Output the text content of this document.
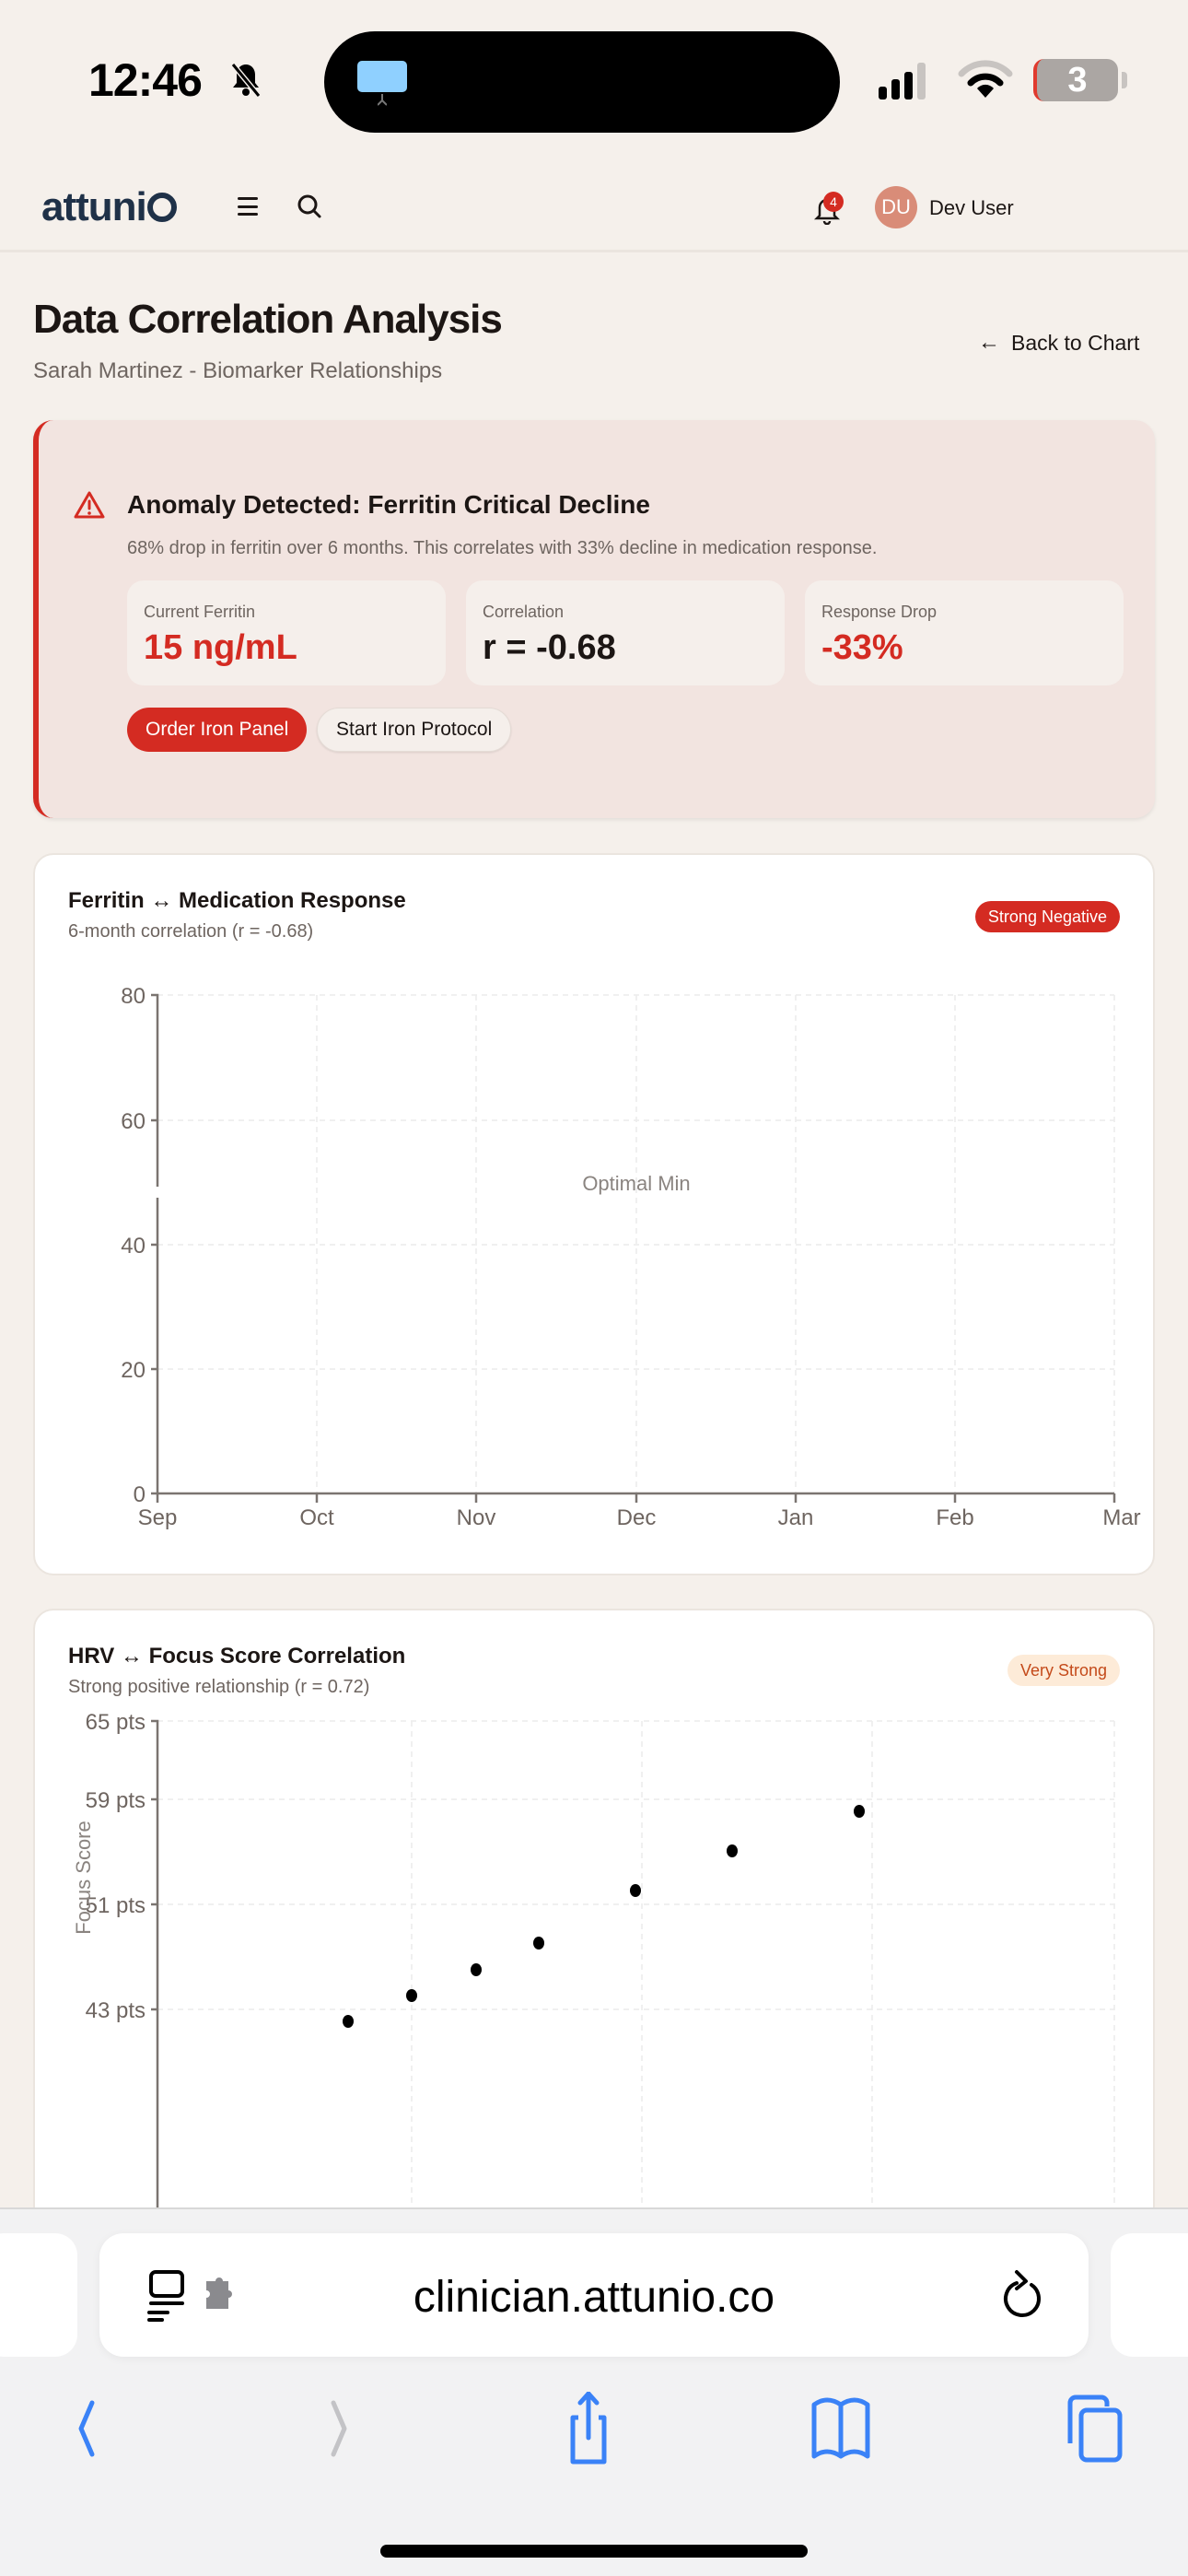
12:46	3
attuni	4	DU Dev User
Data Correlation Analysis
Sarah Martinez - Biomarker Relationships
← Back to Chart
Anomaly Detected: Ferritin Critical Decline
68% drop in ferritin over 6 months. This correlates with 33% decline in medication response.
Current Ferritin
15 ng/mL
Correlation
r = -0.68
Response Drop
-33%
Order Iron Panel	Start Iron Protocol
Ferritin ↔ Medication Response
6-month correlation (r = -0.68)
Strong Negative
80
60
40
20
0
Sep	Oct	Nov	Dec	Jan	Feb	Mar
Optimal Min
HRV ↔ Focus Score Correlation
Strong positive relationship (r = 0.72)
Very Strong
65 pts
59 pts
51 pts
43 pts
Focus Score
clinician.attunio.co
